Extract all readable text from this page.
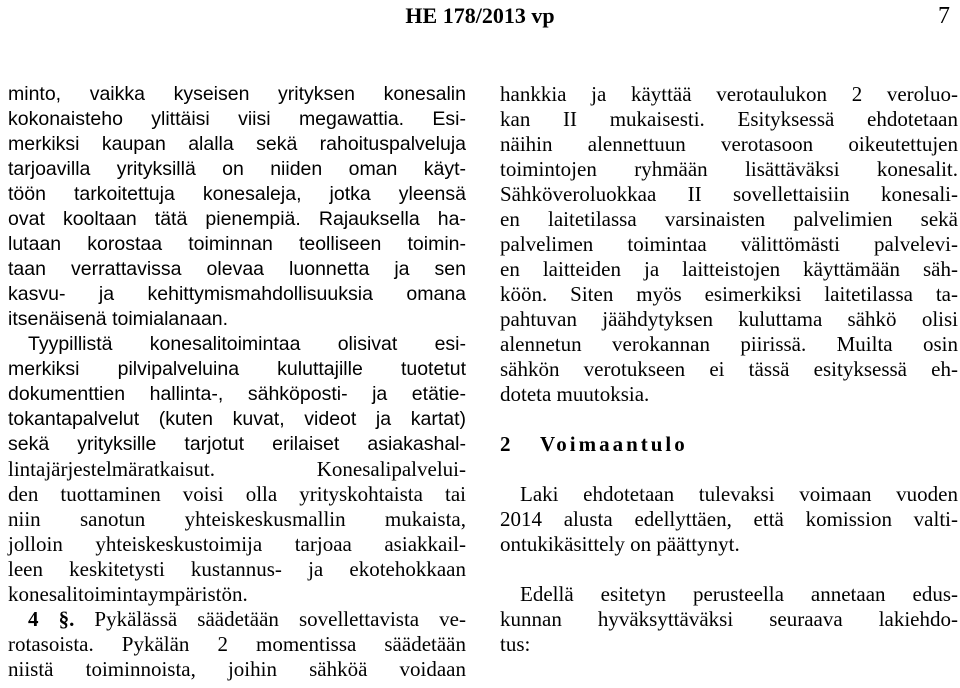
HE 178/2013 vp	7
minto, vaikka kyseisen yrityksen konesalin
kokonaisteho ylittäisi viisi megawattia. Esi-
merkiksi kaupan alalla sekä rahoituspalveluja
tarjoavilla yrityksillä on niiden oman käyt-
töön tarkoitettuja konesaleja, jotka yleensä
ovat kooltaan tätä pienempiä. Rajauksella ha-
lutaan korostaa toiminnan teolliseen toimin-
taan verrattavissa olevaa luonnetta ja sen
kasvu- ja kehittymismahdollisuuksia omana
itsenäisenä toimialanaan.
Tyypillistä konesalitoimintaa olisivat esi-
merkiksi pilvipalveluina kuluttajille tuotetut
dokumenttien hallinta-, sähköposti- ja etätie-
tokantapalvelut (kuten kuvat, videot ja kartat)
sekä yrityksille tarjotut erilaiset asiakashal-
lintajärjestelmäratkaisut. Konesalipalvelui-
den tuottaminen voisi olla yrityskohtaista tai
niin sanotun yhteiskeskusmallin mukaista,
jolloin yhteiskeskustoimija tarjoaa asiakkail-
leen keskitetysti kustannus- ja ekotehokkaan
konesalitoimintaympäristön.
4 §. Pykälässä säädetään sovellettavista ve-
rotasoista. Pykälän 2 momentissa säädetään
niistä toiminnoista, joihin sähköä voidaan
hankkia ja käyttää verotaulukon 2 veroluo-
kan II mukaisesti. Esityksessä ehdotetaan
näihin alennettuun verotasoon oikeutettujen
toimintojen ryhmään lisättäväksi konesalit.
Sähköveroluokkaa II sovellettaisiin konesali-
en laitetilassa varsinaisten palvelimien sekä
palvelimen toimintaa välittömästi palvelevi-
en laitteiden ja laitteistojen käyttämään säh-
köön. Siten myös esimerkiksi laitetilassa ta-
pahtuvan jäähdytyksen kuluttama sähkö olisi
alennetun verokannan piirissä. Muilta osin
sähkön verotukseen ei tässä esityksessä eh-
doteta muutoksia.
2 Voimaantulo
Laki ehdotetaan tulevaksi voimaan vuoden
2014 alusta edellyttäen, että komission valti-
ontukikäsittely on päättynyt.
Edellä esitetyn perusteella annetaan edus-
kunnan hyväksyttäväksi seuraava lakiehdo-
tus:
